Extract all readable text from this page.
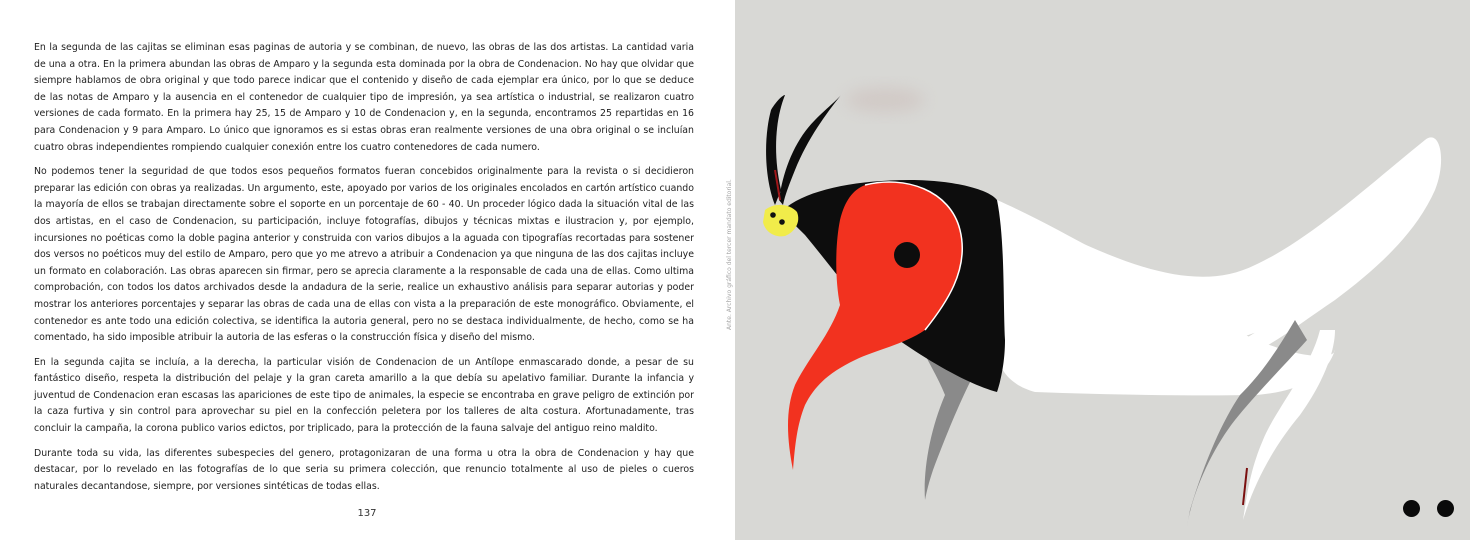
En la segunda de las cajitas se eliminan esas paginas de autoria y se combinan, de nuevo, las obras de las dos artistas. La cantidad varia de una a otra. En la primera abundan las obras de Amparo y la segunda esta dominada por la obra de Condenacion. No hay que olvidar que siempre hablamos de obra original y que todo parece indicar que el contenido y diseño de cada ejemplar era único, por lo que se deduce de las notas de Amparo y la ausencia en el contenedor de cualquier tipo de impresión, ya sea artística o industrial, se realizaron cuatro versiones de cada formato. En la primera hay 25, 15 de Amparo y 10 de Condenacion y, en la segunda, encontramos 25 repartidas en 16 para Condenacion y 9 para Amparo. Lo único que ignoramos es si estas obras eran realmente versiones de una obra original o se incluían cuatro obras independientes rompiendo cualquier conexión entre los cuatro contenedores de cada numero.

No podemos tener la seguridad de que todos esos pequeños formatos fueran concebidos originalmente para la revista o si decidieron preparar las edición con obras ya realizadas. Un argumento, este, apoyado por varios de los originales encolados en cartón artístico cuando la mayoría de ellos se trabajan directamente sobre el soporte en un porcentaje de 60 - 40. Un proceder lógico dada la situación vital de las dos artistas, en el caso de Condenacion, su participación, incluye fotografías, dibujos y técnicas mixtas e ilustracion y, por ejemplo, incursiones no poéticas como la doble pagina anterior y construida con varios dibujos a la aguada con tipografías recortadas para sostener dos versos no poéticos muy del estilo de Amparo, pero que yo me atrevo a atribuir a Condenacion ya que ninguna de las dos cajitas incluye un formato en colaboración. Las obras aparecen sin firmar, pero se aprecia claramente a la responsable de cada una de ellas. Como ultima comprobación, con todos los datos archivados desde la andadura de la serie, realice un exhaustivo análisis para separar autorias y poder mostrar los anteriores porcentajes y separar las obras de cada una de ellas con vista a la preparación de este monográfico. Obviamente, el contenedor es ante todo una edición colectiva, se identifica la autoria general, pero no se destaca individualmente, de hecho, como se ha comentado, ha sido imposible atribuir la autoria de las esferas o la construcción física y diseño del mismo.

En la segunda cajita se incluía, a la derecha, la particular visión de Condenacion de un Antílope enmascarado donde, a pesar de su fantástico diseño, respeta la distribución del pelaje y la gran careta amarillo a la que debía su apelativo familiar. Durante la infancia y juventud de Condenacion eran escasas las apariciones de este tipo de animales, la especie se encontraba en grave peligro de extinción por la caza furtiva y sin control para aprovechar su piel en la confección peletera por los talleres de alta costura. Afortunadamente, tras concluir la campaña, la corona publico varios edictos, por triplicado, para la protección de la fauna salvaje del antiguo reino maldito.

Durante toda su vida, las diferentes subespecies del genero, protagonizaran de una forma u otra la obra de Condenacion y hay que destacar, por lo revelado en las fotografías de lo que seria su primera colección, que renuncio totalmente al uso de pieles o cueros naturales decantandose, siempre, por versiones sintéticas de todas ellas.

137
Ante. Archivo gráfico del tercer mandato editorial.
